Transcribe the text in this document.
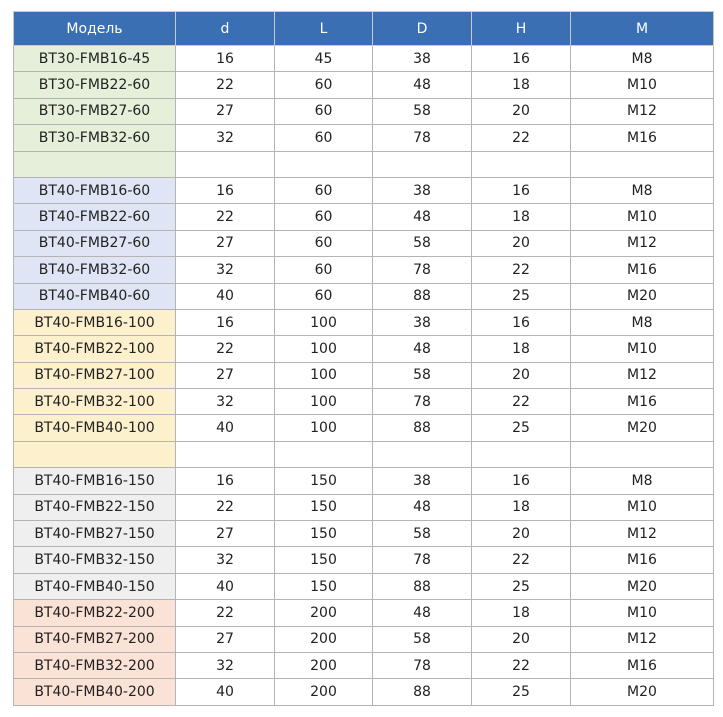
Модель	d	L	D	H	M
BT30-FMB16-45	16	45	38	16	M8
BT30-FMB22-60	22	60	48	18	M10
BT30-FMB27-60	27	60	58	20	M12
BT30-FMB32-60	32	60	78	22	M16

BT40-FMB16-60	16	60	38	16	M8
BT40-FMB22-60	22	60	48	18	M10
BT40-FMB27-60	27	60	58	20	M12
BT40-FMB32-60	32	60	78	22	M16
BT40-FMB40-60	40	60	88	25	M20
BT40-FMB16-100	16	100	38	16	M8
BT40-FMB22-100	22	100	48	18	M10
BT40-FMB27-100	27	100	58	20	M12
BT40-FMB32-100	32	100	78	22	M16
BT40-FMB40-100	40	100	88	25	M20

BT40-FMB16-150	16	150	38	16	M8
BT40-FMB22-150	22	150	48	18	M10
BT40-FMB27-150	27	150	58	20	M12
BT40-FMB32-150	32	150	78	22	M16
BT40-FMB40-150	40	150	88	25	M20
BT40-FMB22-200	22	200	48	18	M10
BT40-FMB27-200	27	200	58	20	M12
BT40-FMB32-200	32	200	78	22	M16
BT40-FMB40-200	40	200	88	25	M20
